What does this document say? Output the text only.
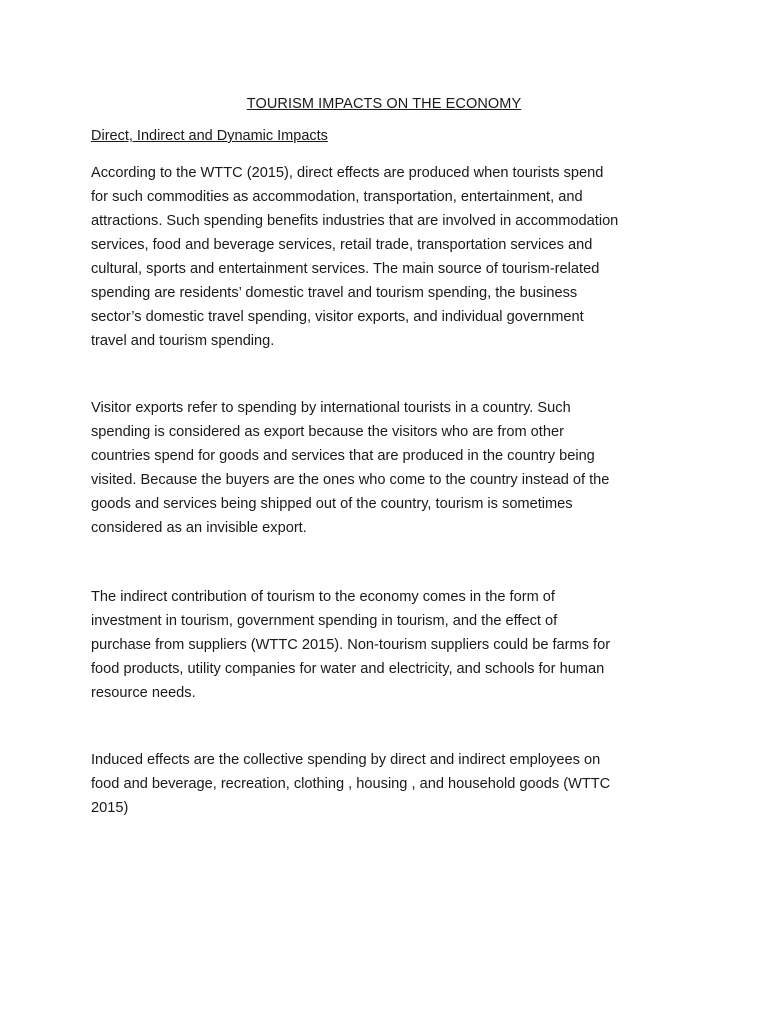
TOURISM IMPACTS ON THE ECONOMY
Direct, Indirect and Dynamic Impacts

According to the WTTC (2015), direct effects are produced when tourists spend
for such commodities as accommodation, transportation, entertainment, and
attractions. Such spending benefits industries that are involved in accommodation
services, food and beverage services, retail trade, transportation services and
cultural, sports and entertainment services. The main source of tourism-related
spending are residents’ domestic travel and tourism spending, the business
sector’s domestic travel spending, visitor exports, and individual government
travel and tourism spending.

Visitor exports refer to spending by international tourists in a country. Such
spending is considered as export because the visitors who are from other
countries spend for goods and services that are produced in the country being
visited. Because the buyers are the ones who come to the country instead of the
goods and services being shipped out of the country, tourism is sometimes
considered as an invisible export.

The indirect contribution of tourism to the economy comes in the form of
investment in tourism, government spending in tourism, and the effect of
purchase from suppliers (WTTC 2015). Non-tourism suppliers could be farms for
food products, utility companies for water and electricity, and schools for human
resource needs.

Induced effects are the collective spending by direct and indirect employees on
food and beverage, recreation, clothing , housing , and household goods (WTTC
2015)
